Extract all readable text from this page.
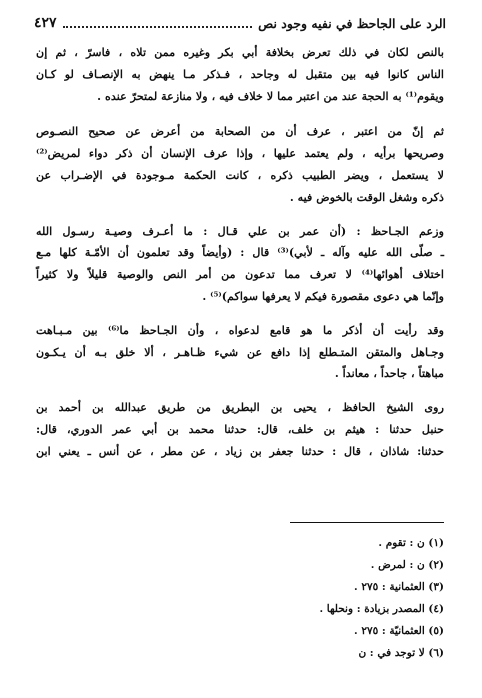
الرد على الجاحظ في نفيه وجود نص
٤٢٧

بالنص لكان في ذلك تعرض بخلافة أبي بكر وغيره ممن تلاه ، فاسرّ ، ثم إن
الناس كانوا فيه بين متقبل له وجاحد ، فـذكر مـا ينهض به الإنصـاف لو كـان
ويقوم⁽¹⁾ به الحجة عند من اعتبر مما لا خلاف فيه ، ولا منازعة لمتحرّ عنده .

ثم إنّ من اعتبر ، عرف أن من الصحابة من أعرض عن صحيح النصـوص
وصريحها برأيه ، ولم يعتمد عليها ، وإذا عرف الإنسان أن ذكر دواء لمريض⁽²⁾
لا يستعمل ، ويضر الطبيب ذكره ، كانت الحكمة مـوجودة في الإضـراب عن
ذكره وشغل الوقت بالخوض فيه .

وزعم الجـاحظ : (أن عمر بن علي قـال : ما أعـرف وصيـة رسـول الله
ـ صلّى الله عليه وآله ـ لأبي)⁽³⁾ قال : (وأيضاً وقد تعلمون أن الأمّـة كلها مـع
اختلاف أهوائها⁽⁴⁾ لا تعرف مما تدعون من أمر النص والوصية قليلاً ولا كثيراً
وإنّما هي دعوى مقصورة فيكم لا يعرفها سواكم)⁽⁵⁾ .

وقد رأيت أن أذكر ما هو قامع لدعواه ، وأن الجـاحظ ما⁽⁶⁾ بين مـبـاهت
وجـاهل والمتقن المتـطلع إذا دافع عن شيء ظـاهـر ، ألا خلق بـه أن يـكـون
مباهتاً ، جاحداً ، معانداً .

روى الشيخ الحافظ ، يحيى بن البطريق من طريق عبدالله بن أحمد بن
حنبل حدثنا : هيثم بن خلف، قال: حدثنا محمد بن أبي عمر الدوري، قال:
حدثنا: شاذان ، قال : حدثنا جعفر بن زياد ، عن مطر ، عن أنس ـ يعني ابن

(١) ن : تقوم .
(٢) ن : لمرض .
(٣) العثمانية : ٢٧٥ .
(٤) المصدر بزيادة : ونحلها .
(٥) العثمانيّة : ٢٧٥ .
(٦) لا توجد في : ن
